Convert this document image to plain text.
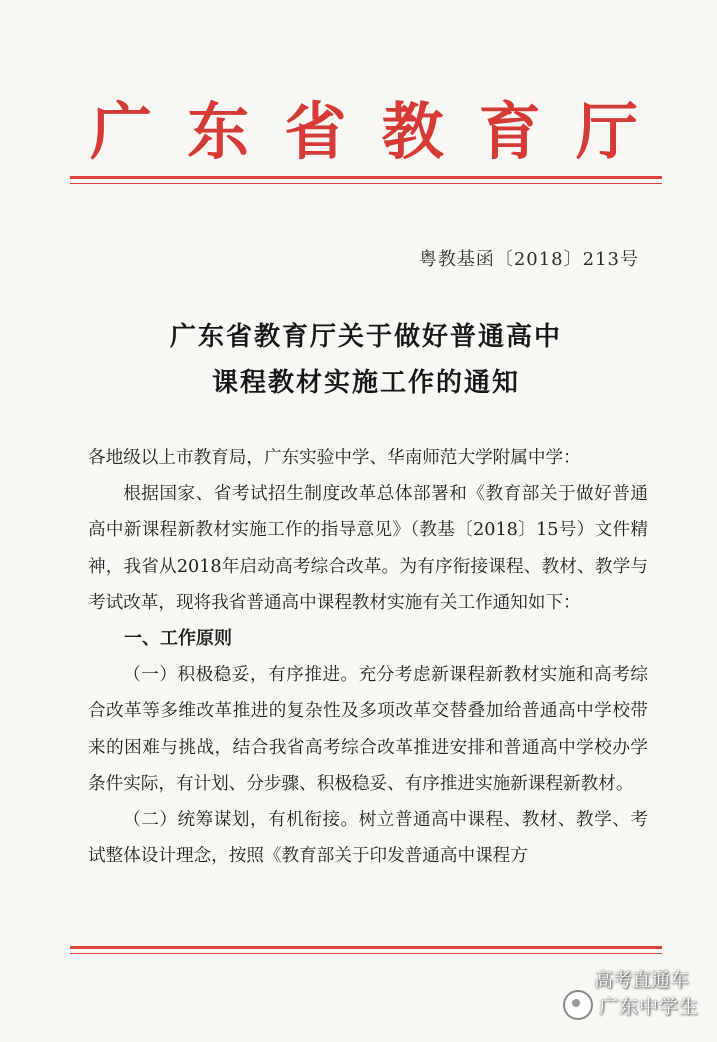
广 东 省 教 育 厅
粤教基函〔2018〕213号
广东省教育厅关于做好普通高中
课程教材实施工作的通知

各地级以上市教育局，广东实验中学、华南师范大学附属中学：

根据国家、省考试招生制度改革总体部署和《教育部关于做好普通高中新课程新教材实施工作的指导意见》（教基〔2018〕15号）文件精神，我省从2018年启动高考综合改革。为有序衔接课程、教材、教学与考试改革，现将我省普通高中课程教材实施有关工作通知如下：

一、工作原则

（一）积极稳妥，有序推进。充分考虑新课程新教材实施和高考综合改革等多维改革推进的复杂性及多项改革交替叠加给普通高中学校带来的困难与挑战，结合我省高考综合改革推进安排和普通高中学校办学条件实际，有计划、分步骤、积极稳妥、有序推进实施新课程新教材。

（二）统筹谋划，有机衔接。树立普通高中课程、教材、教学、考试整体设计理念，按照《教育部关于印发普通高中课程方

高考直通车
广东中学生
